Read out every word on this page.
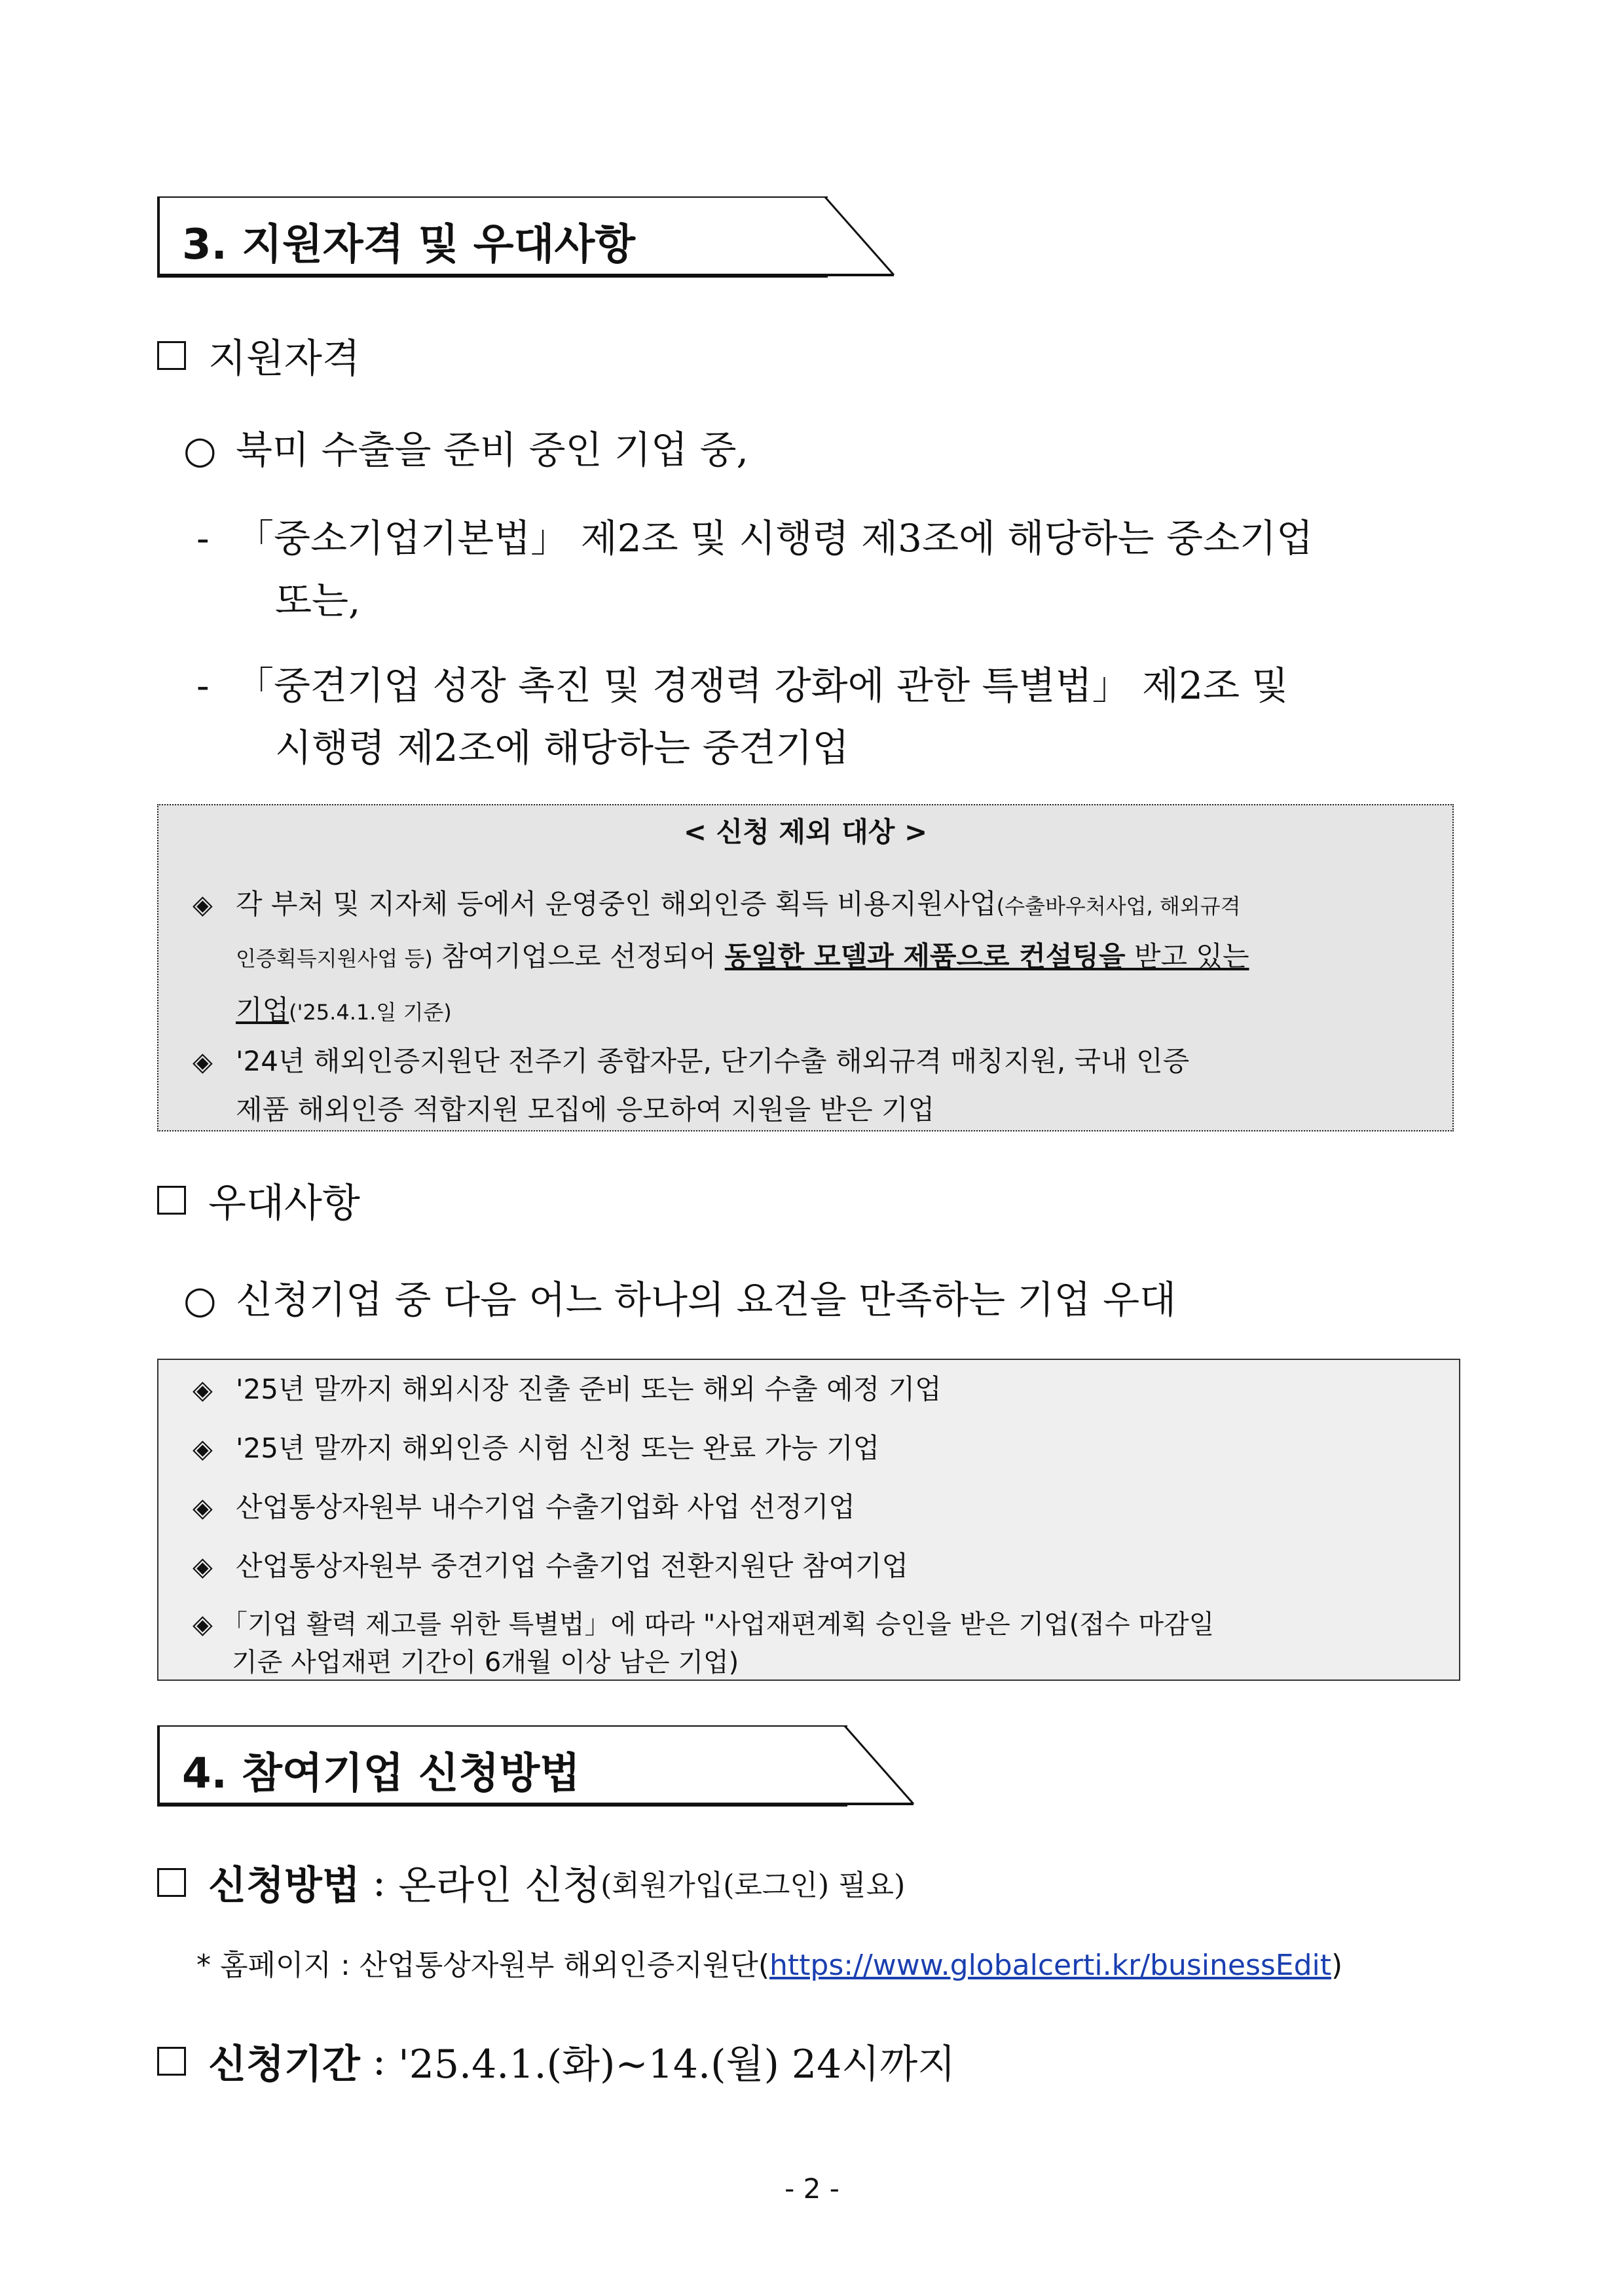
3. 지원자격 및 우대사항
지원자격
○ 북미 수출을 준비 중인 기업 중,
- 「중소기업기본법」 제2조 및 시행령 제3조에 해당하는 중소기업
또는,
- 「중견기업 성장 촉진 및 경쟁력 강화에 관한 특별법」 제2조 및
시행령 제2조에 해당하는 중견기업
< 신청 제외 대상 >
◈ 각 부처 및 지자체 등에서 운영중인 해외인증 획득 비용지원사업(수출바우처사업, 해외규격
인증획득지원사업 등) 참여기업으로 선정되어 동일한 모델과 제품으로 컨설팅을 받고 있는
기업('25.4.1.일 기준)
◈ '24년 해외인증지원단 전주기 종합자문, 단기수출 해외규격 매칭지원, 국내 인증
제품 해외인증 적합지원 모집에 응모하여 지원을 받은 기업
우대사항
○ 신청기업 중 다음 어느 하나의 요건을 만족하는 기업 우대
◈ '25년 말까지 해외시장 진출 준비 또는 해외 수출 예정 기업
◈ '25년 말까지 해외인증 시험 신청 또는 완료 가능 기업
◈ 산업통상자원부 내수기업 수출기업화 사업 선정기업
◈ 산업통상자원부 중견기업 수출기업 전환지원단 참여기업
◈ 「기업 활력 제고를 위한 특별법」에 따라 "사업재편계획 승인을 받은 기업(접수 마감일
기준 사업재편 기간이 6개월 이상 남은 기업)
4. 참여기업 신청방법
신청방법 : 온라인 신청 (회원가입(로그인) 필요)
* 홈페이지 : 산업통상자원부 해외인증지원단(https://www.globalcerti.kr/businessEdit)
신청기간 : '25.4.1.(화)~14.(월) 24시까지
- 2 -
